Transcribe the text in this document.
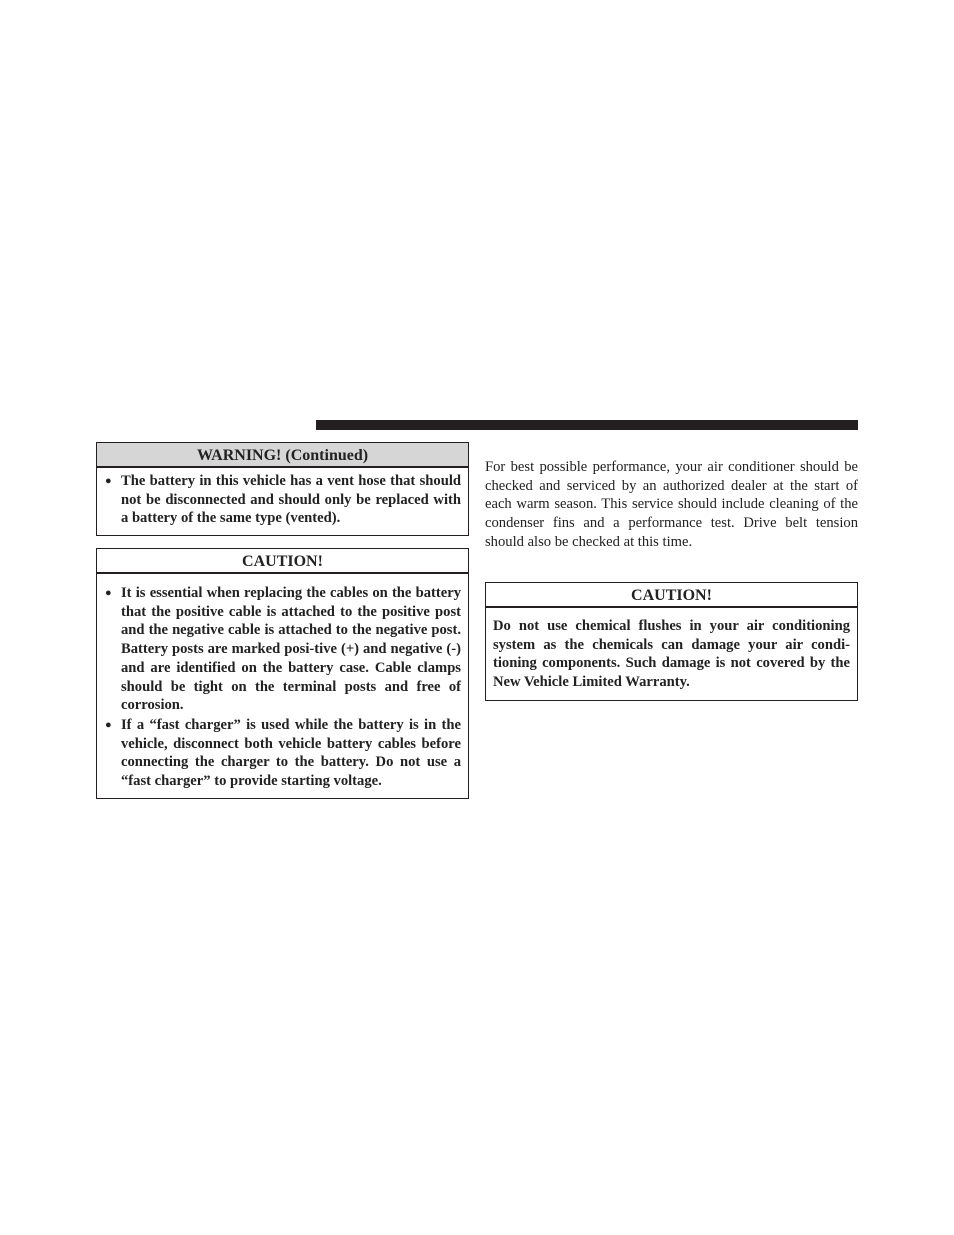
WARNING! (Continued)
● The battery in this vehicle has a vent hose that should not be disconnected and should only be replaced with a battery of the same type (vented).
CAUTION!
● It is essential when replacing the cables on the battery that the positive cable is attached to the positive post and the negative cable is attached to the negative post. Battery posts are marked posi-tive (+) and negative (-) and are identified on the battery case. Cable clamps should be tight on the terminal posts and free of corrosion.
● If a “fast charger” is used while the battery is in the vehicle, disconnect both vehicle battery cables before connecting the charger to the battery. Do not use a “fast charger” to provide starting voltage.

For best possible performance, your air conditioner should be checked and serviced by an authorized dealer at the start of each warm season. This service should include cleaning of the condenser fins and a performance test. Drive belt tension should also be checked at this time.

CAUTION!
Do not use chemical flushes in your air conditioning system as the chemicals can damage your air condi-tioning components. Such damage is not covered by the New Vehicle Limited Warranty.
